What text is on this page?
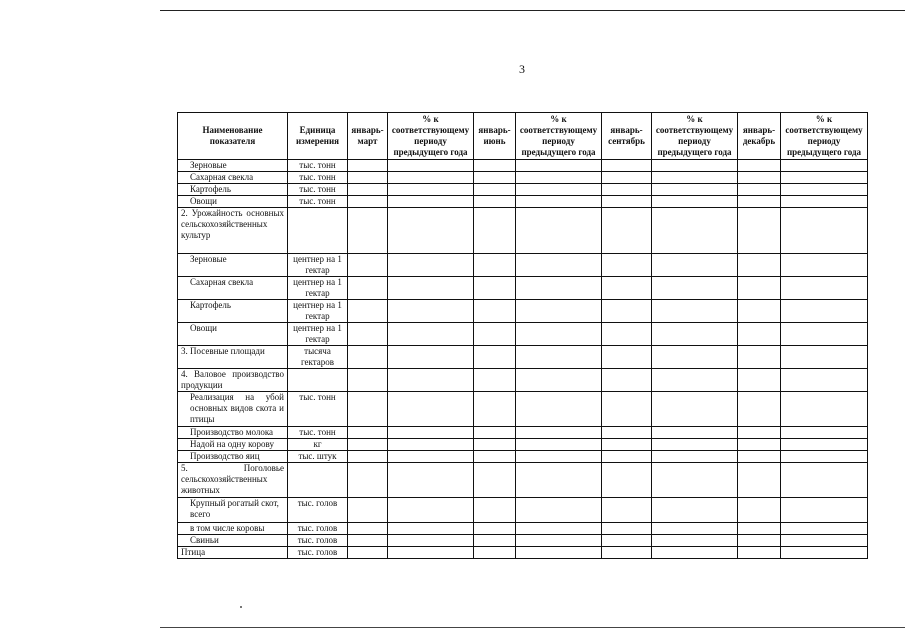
3
Наименование показателя	Единица измерения	январь-март	% к соответствующему периоду предыдущего года	январь-июнь	% к соответствующему периоду предыдущего года	январь-сентябрь	% к соответствующему периоду предыдущего года	январь-декабрь	% к соответствующему периоду предыдущего года
Зерновые	тыс. тонн								
Сахарная свекла	тыс. тонн								
Картофель	тыс. тонн								
Овощи	тыс. тонн								
2. Урожайность основных сельскохозяйственных культур									
Зерновые	центнер на 1 гектар								
Сахарная свекла	центнер на 1 гектар								
Картофель	центнер на 1 гектар								
Овощи	центнер на 1 гектар								
3. Посевные площади	тысяча гектаров								
4. Валовое производство продукции									
Реализация на убой основных видов скота и птицы	тыс. тонн								
Производство молока	тыс. тонн								
Надой на одну корову	кг								
Производство яиц	тыс. штук								
5. Поголовье сельскохозяйственных животных									
Крупный рогатый скот, всего	тыс. голов								
в том числе коровы	тыс. голов								
Свиньи	тыс. голов								
Птица	тыс. голов								
